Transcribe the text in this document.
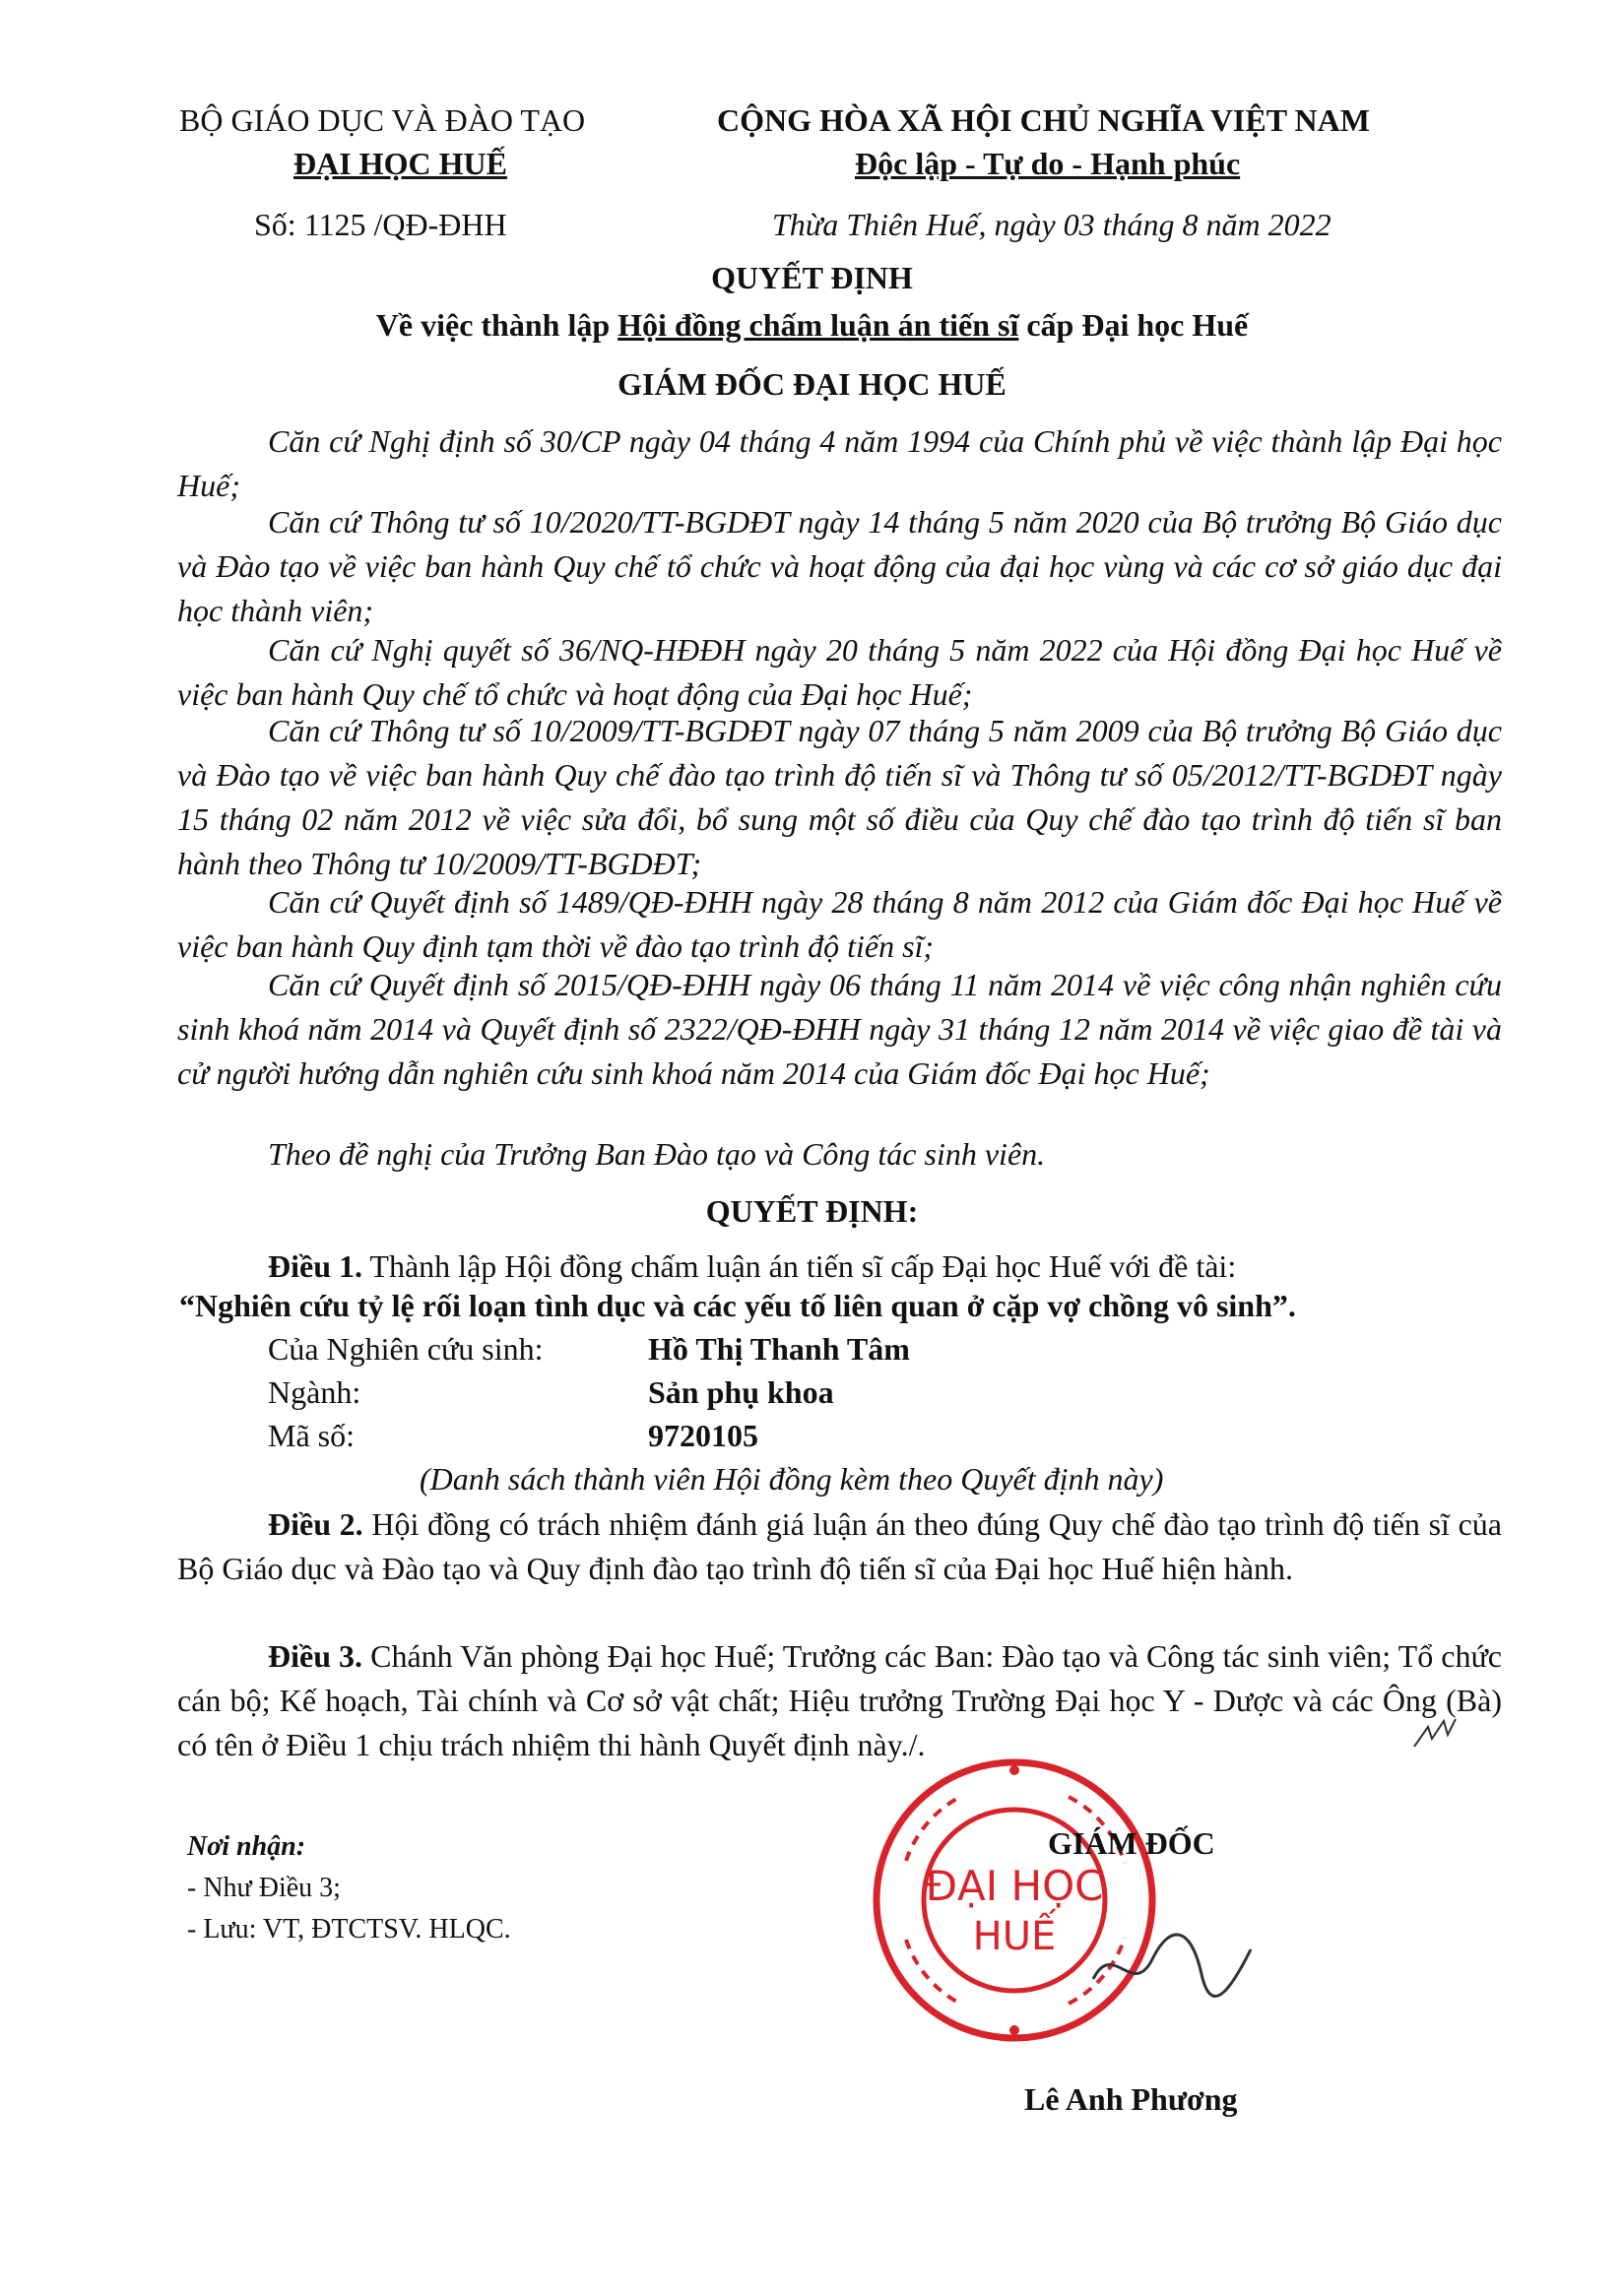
BỘ GIÁO DỤC VÀ ĐÀO TẠO
ĐẠI HỌC HUẾ
Số: 1125 /QĐ-ĐHH
CỘNG HÒA XÃ HỘI CHỦ NGHĨA VIỆT NAM
Độc lập - Tự do - Hạnh phúc
Thừa Thiên Huế, ngày 03 tháng 8 năm 2022
QUYẾT ĐỊNH
Về việc thành lập Hội đồng chấm luận án tiến sĩ cấp Đại học Huế
GIÁM ĐỐC ĐẠI HỌC HUẾ
Căn cứ Nghị định số 30/CP ngày 04 tháng 4 năm 1994 của Chính phủ về việc thành lập Đại học Huế;
Căn cứ Thông tư số 10/2020/TT-BGDĐT ngày 14 tháng 5 năm 2020 của Bộ trưởng Bộ Giáo dục và Đào tạo về việc ban hành Quy chế tổ chức và hoạt động của đại học vùng và các cơ sở giáo dục đại học thành viên;
Căn cứ Nghị quyết số 36/NQ-HĐĐH ngày 20 tháng 5 năm 2022 của Hội đồng Đại học Huế về việc ban hành Quy chế tổ chức và hoạt động của Đại học Huế;
Căn cứ Thông tư số 10/2009/TT-BGDĐT ngày 07 tháng 5 năm 2009 của Bộ trưởng Bộ Giáo dục và Đào tạo về việc ban hành Quy chế đào tạo trình độ tiến sĩ và Thông tư số 05/2012/TT-BGDĐT ngày 15 tháng 02 năm 2012 về việc sửa đổi, bổ sung một số điều của Quy chế đào tạo trình độ tiến sĩ ban hành theo Thông tư 10/2009/TT-BGDĐT;
Căn cứ Quyết định số 1489/QĐ-ĐHH ngày 28 tháng 8 năm 2012 của Giám đốc Đại học Huế về việc ban hành Quy định tạm thời về đào tạo trình độ tiến sĩ;
Căn cứ Quyết định số 2015/QĐ-ĐHH ngày 06 tháng 11 năm 2014 về việc công nhận nghiên cứu sinh khoá năm 2014 và Quyết định số 2322/QĐ-ĐHH ngày 31 tháng 12 năm 2014 về việc giao đề tài và cử người hướng dẫn nghiên cứu sinh khoá năm 2014 của Giám đốc Đại học Huế;
Theo đề nghị của Trưởng Ban Đào tạo và Công tác sinh viên.
QUYẾT ĐỊNH:
Điều 1. Thành lập Hội đồng chấm luận án tiến sĩ cấp Đại học Huế với đề tài:
“Nghiên cứu tỷ lệ rối loạn tình dục và các yếu tố liên quan ở cặp vợ chồng vô sinh”.
Của Nghiên cứu sinh:	Hồ Thị Thanh Tâm
Ngành:	Sản phụ khoa
Mã số:	9720105
(Danh sách thành viên Hội đồng kèm theo Quyết định này)
Điều 2. Hội đồng có trách nhiệm đánh giá luận án theo đúng Quy chế đào tạo trình độ tiến sĩ của Bộ Giáo dục và Đào tạo và Quy định đào tạo trình độ tiến sĩ của Đại học Huế hiện hành.
Điều 3. Chánh Văn phòng Đại học Huế; Trưởng các Ban: Đào tạo và Công tác sinh viên; Tổ chức cán bộ; Kế hoạch, Tài chính và Cơ sở vật chất; Hiệu trưởng Trường Đại học Y - Dược và các Ông (Bà) có tên ở Điều 1 chịu trách nhiệm thi hành Quyết định này./.
Nơi nhận:
- Như Điều 3;
- Lưu: VT, ĐTCTSV. HLQC.
ĐẠI HỌC
HUẾ
GIÁM ĐỐC
Lê Anh Phương
